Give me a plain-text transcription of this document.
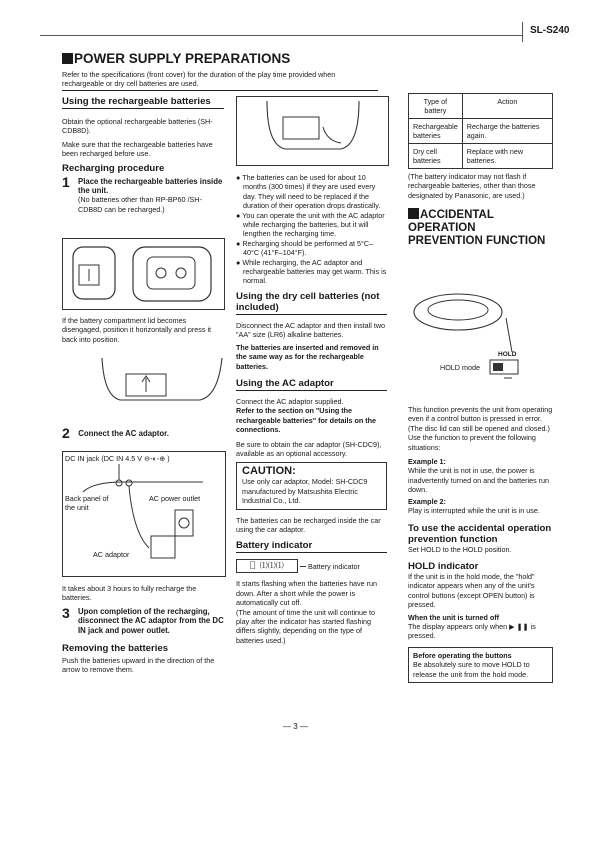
SL-S240
POWER SUPPLY PREPARATIONS

Refer to the specifications (front cover) for the duration of the play time provided when rechargeable or dry cell batteries are used.

Using the rechargeable batteries

Obtain the optional rechargeable batteries (SH-CDB8D).

Make sure that the rechargeable batteries have been recharged before use.

Recharging procedure

1 Place the rechargeable batteries inside the unit.

(No batteries other than RP-BP60 /SH-CDB8D can be recharged.)

If the battery compartment lid becomes disengaged, position it horizontally and press it back into position.

2 Connect the AC adaptor.

DC IN jack (DC IN 4.5 V ⊖-◐-⊕ )

Back panel of the unit

AC power outlet

AC adaptor

It takes about 3 hours to fully recharge the batteries.

3 Upon completion of the recharging, disconnect the AC adaptor from the DC IN jack and power outlet.

Removing the batteries

Push the batteries upward in the direction of the arrow to remove them.

● The batteries can be used for about 10 months (300 times) if they are used every day. They will need to be replaced if the duration of their operation drops drastically.

● You can operate the unit with the AC adaptor while recharging the batteries, but it will lengthen the recharging time.

● Recharging should be performed at 5°C–40°C (41°F–104°F).

● While recharging, the AC adaptor and rechargeable batteries may get warm. This is normal.

Using the dry cell batteries (not included)

Disconnect the AC adaptor and then install two "AA" size (LR6) alkaline batteries.

The batteries are inserted and removed in the same way as for the rechargeable batteries.

Using the AC adaptor

Connect the AC adaptor supplied.

Refer to the section on "Using the rechargeable batteries" for details on the connections.

Be sure to obtain the car adaptor (SH-CDC9), available as an optional accessory.

CAUTION:

Use only car adaptor, Model: SH-CDC9 manufactured by Matsushita Electric Industrial Co., Ltd.

The batteries can be recharged inside the car using the car adaptor.

Battery indicator

⎕ ⑴⑴⑴	Battery indicator

It starts flashing when the batteries have run down. After a short while the power is automatically cut off.

(The amount of time the unit will continue to play after the indicator has started flashing differs slightly, depending on the type of batteries used.)

Type of battery	Action
Rechargeable batteries	Recharge the batteries again.
Dry cell batteries	Replace with new batteries.

(The battery indicator may not flash if rechargeable batteries, other than those designated by Panasonic, are used.)

ACCIDENTAL OPERATION PREVENTION FUNCTION
HOLD
HOLD mode

This function prevents the unit from operating even if a control button is pressed in error. (The disc lid can still be opened and closed.)

Use the function to prevent the following situations:

Example 1:

While the unit is not in use, the power is inadvertently turned on and the batteries run down.

Example 2:

Play is interrupted while the unit is in use.

To use the accidental operation prevention function

Set HOLD to the HOLD position.

HOLD indicator

If the unit is in the hold mode, the "hold" indicator appears when any of the unit's control buttons (except OPEN button) is pressed.

When the unit is turned off

The display appears only when ▶ ❚❚ is pressed.

Before operating the buttons

Be absolutely sure to move HOLD to release the unit from the hold mode.

— 3 —
